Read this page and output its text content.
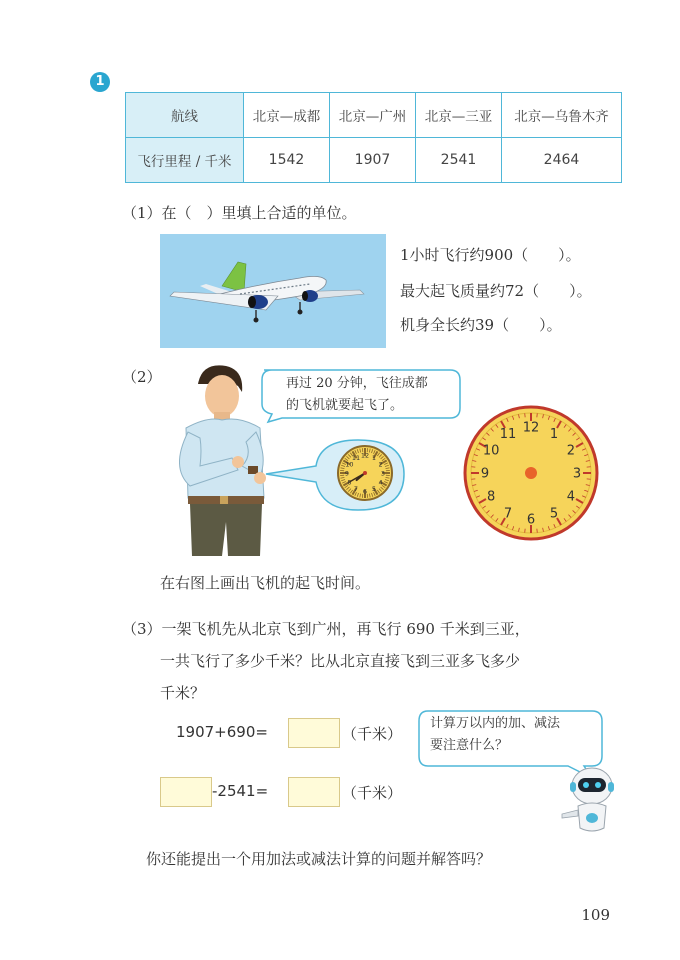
1
航线	北京—成都	北京—广州	北京—三亚	北京—乌鲁木齐
飞行里程 / 千米	1542	1907	2541	2464
（1）在（　）里填上合适的单位。
1小时飞行约900（　　）。
最大起飞质量约72（　　）。
机身全长约39（　　）。
（2）	再过 20 分钟，飞往成都
的飞机就要起飞了。
12 1
2
3
4
5
6
7
8
9
10
11
12 1
2
3
4
5
6
7
8
9
10
11
在右图上画出飞机的起飞时间。
（3）一架飞机先从北京飞到广州，再飞行 690 千米到三亚，
一共飞行了多少千米？比从北京直接飞到三亚多飞多少
千米？
1907+690=	（千米）
-2541=	（千米）
计算万以内的加、减法
要注意什么？
你还能提出一个用加法或减法计算的问题并解答吗？
109
